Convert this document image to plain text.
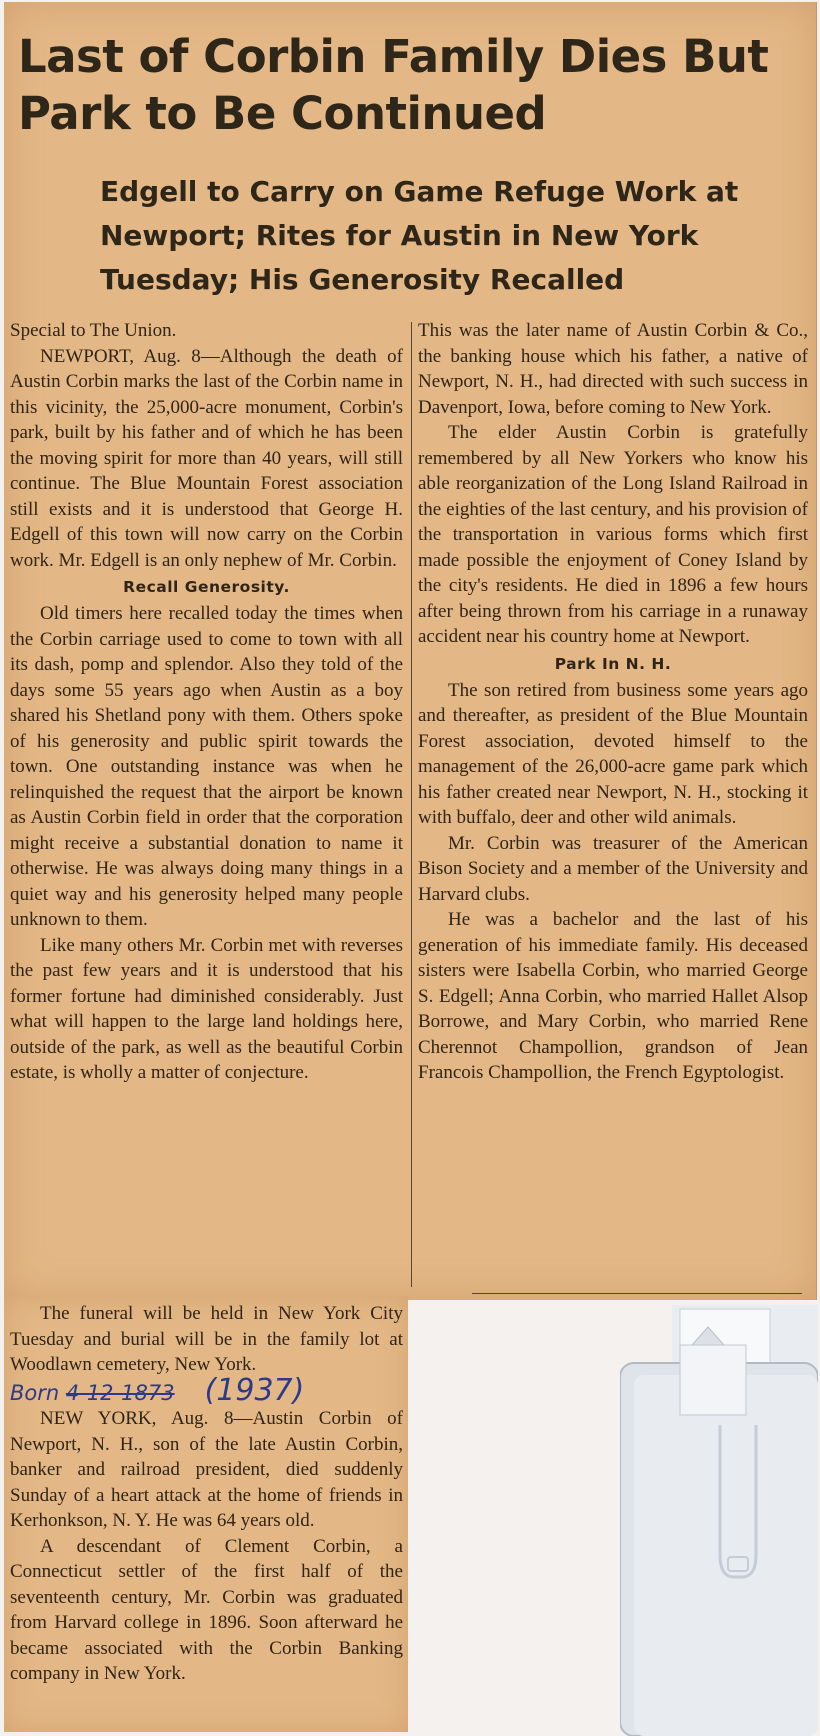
Last of Corbin Family Dies But Park to Be Continued
Edgell to Carry on Game Refuge Work at Newport; Rites for Austin in New York Tuesday; His Generosity Recalled

Special to The Union.

NEWPORT, Aug. 8—Although the death of Austin Corbin marks the last of the Corbin name in this vicinity, the 25,000-acre monument, Corbin's park, built by his father and of which he has been the moving spirit for more than 40 years, will still continue. The Blue Mountain Forest association still exists and it is understood that George H. Edgell of this town will now carry on the Corbin work. Mr. Edgell is an only nephew of Mr. Corbin.

Recall Generosity.

Old timers here recalled today the times when the Corbin carriage used to come to town with all its dash, pomp and splendor. Also they told of the days some 55 years ago when Austin as a boy shared his Shetland pony with them. Others spoke of his generosity and public spirit towards the town. One outstanding instance was when he relinquished the request that the airport be known as Austin Corbin field in order that the corporation might receive a substantial donation to name it otherwise. He was always doing many things in a quiet way and his generosity helped many people unknown to them.

Like many others Mr. Corbin met with reverses the past few years and it is understood that his former fortune had diminished considerably. Just what will happen to the large land holdings here, outside of the park, as well as the beautiful Corbin estate, is wholly a matter of conjecture.

This was the later name of Austin Corbin & Co., the banking house which his father, a native of Newport, N. H., had directed with such success in Davenport, Iowa, before coming to New York.

The elder Austin Corbin is gratefully remembered by all New Yorkers who know his able reorganization of the Long Island Railroad in the eighties of the last century, and his provision of the transportation in various forms which first made possible the enjoyment of Coney Island by the city's residents. He died in 1896 a few hours after being thrown from his carriage in a runaway accident near his country home at Newport.

Park In N. H.

The son retired from business some years ago and thereafter, as president of the Blue Mountain Forest association, devoted himself to the management of the 26,000-acre game park which his father created near Newport, N. H., stocking it with buffalo, deer and other wild animals.

Mr. Corbin was treasurer of the American Bison Society and a member of the University and Harvard clubs.

He was a bachelor and the last of his generation of his immediate family. His deceased sisters were Isabella Corbin, who married George S. Edgell; Anna Corbin, who married Hallet Alsop Borrowe, and Mary Corbin, who married Rene Cherennot Champollion, grandson of Jean Francois Champollion, the French Egyptologist.

The funeral will be held in New York City Tuesday and burial will be in the family lot at Woodlawn cemetery, New York.

Born 4-12-1873 (1937)

NEW YORK, Aug. 8—Austin Corbin of Newport, N. H., son of the late Austin Corbin, banker and railroad president, died suddenly Sunday of a heart attack at the home of friends in Kerhonkson, N. Y. He was 64 years old.

A descendant of Clement Corbin, a Connecticut settler of the first half of the seventeenth century, Mr. Corbin was graduated from Harvard college in 1896. Soon afterward he became associated with the Corbin Banking company in New York.
